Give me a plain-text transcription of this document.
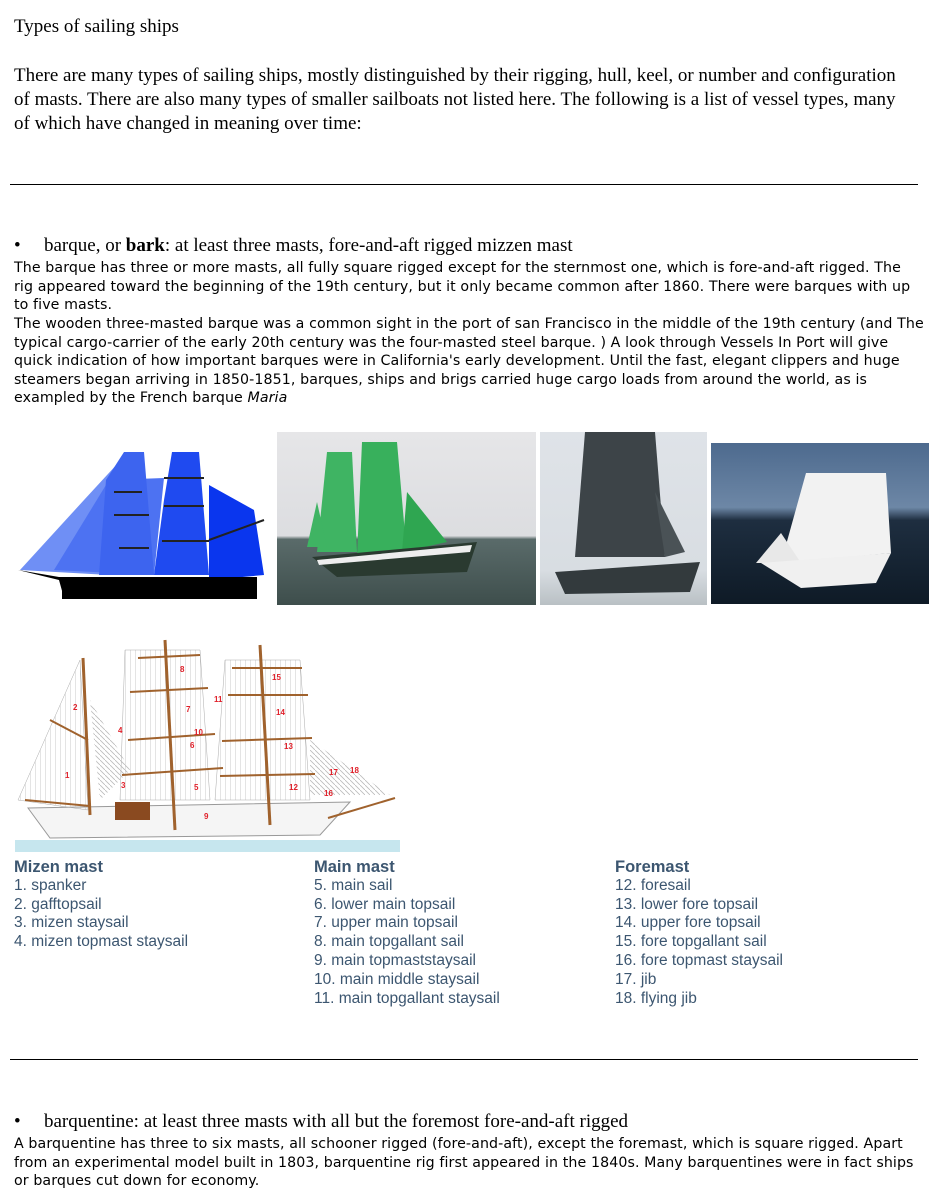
Types of sailing ships
There are many types of sailing ships, mostly distinguished by their rigging, hull, keel, or number and configuration of masts. There are also many types of smaller sailboats not listed here. The following is a list of vessel types, many of which have changed in meaning over time:
• barque, or bark: at least three masts, fore-and-aft rigged mizzen mast
The barque has three or more masts, all fully square rigged except for the sternmost one, which is fore-and-aft rigged. The rig appeared toward the beginning of the 19th century, but it only became common after 1860. There were barques with up to five masts.
The wooden three-masted barque was a common sight in the port of san Francisco in the middle of the 19th century (and The typical cargo-carrier of the early 20th century was the four-masted steel barque. ) A look through Vessels In Port will give quick indication of how important barques were in California's early development. Until the fast, elegant clippers and huge steamers began arriving in 1850-1851, barques, ships and brigs carried huge cargo loads from around the world, as is exampled by the French barque Maria
1
2
3
4
5
6
7
8
9
10
11
12
13
14
15
16
17 18
Mizen mast
1. spanker
2. gafftopsail
3. mizen staysail
4. mizen topmast staysail
Main mast
5. main sail
6. lower main topsail
7. upper main topsail
8. main topgallant sail
9. main topmaststaysail
10. main middle staysail
11. main topgallant staysail
Foremast
12. foresail
13. lower fore topsail
14. upper fore topsail
15. fore topgallant sail
16. fore topmast staysail
17. jib
18. flying jib
• barquentine: at least three masts with all but the foremost fore-and-aft rigged
A barquentine has three to six masts, all schooner rigged (fore-and-aft), except the foremast, which is square rigged. Apart from an experimental model built in 1803, barquentine rig first appeared in the 1840s. Many barquentines were in fact ships or barques cut down for economy.
